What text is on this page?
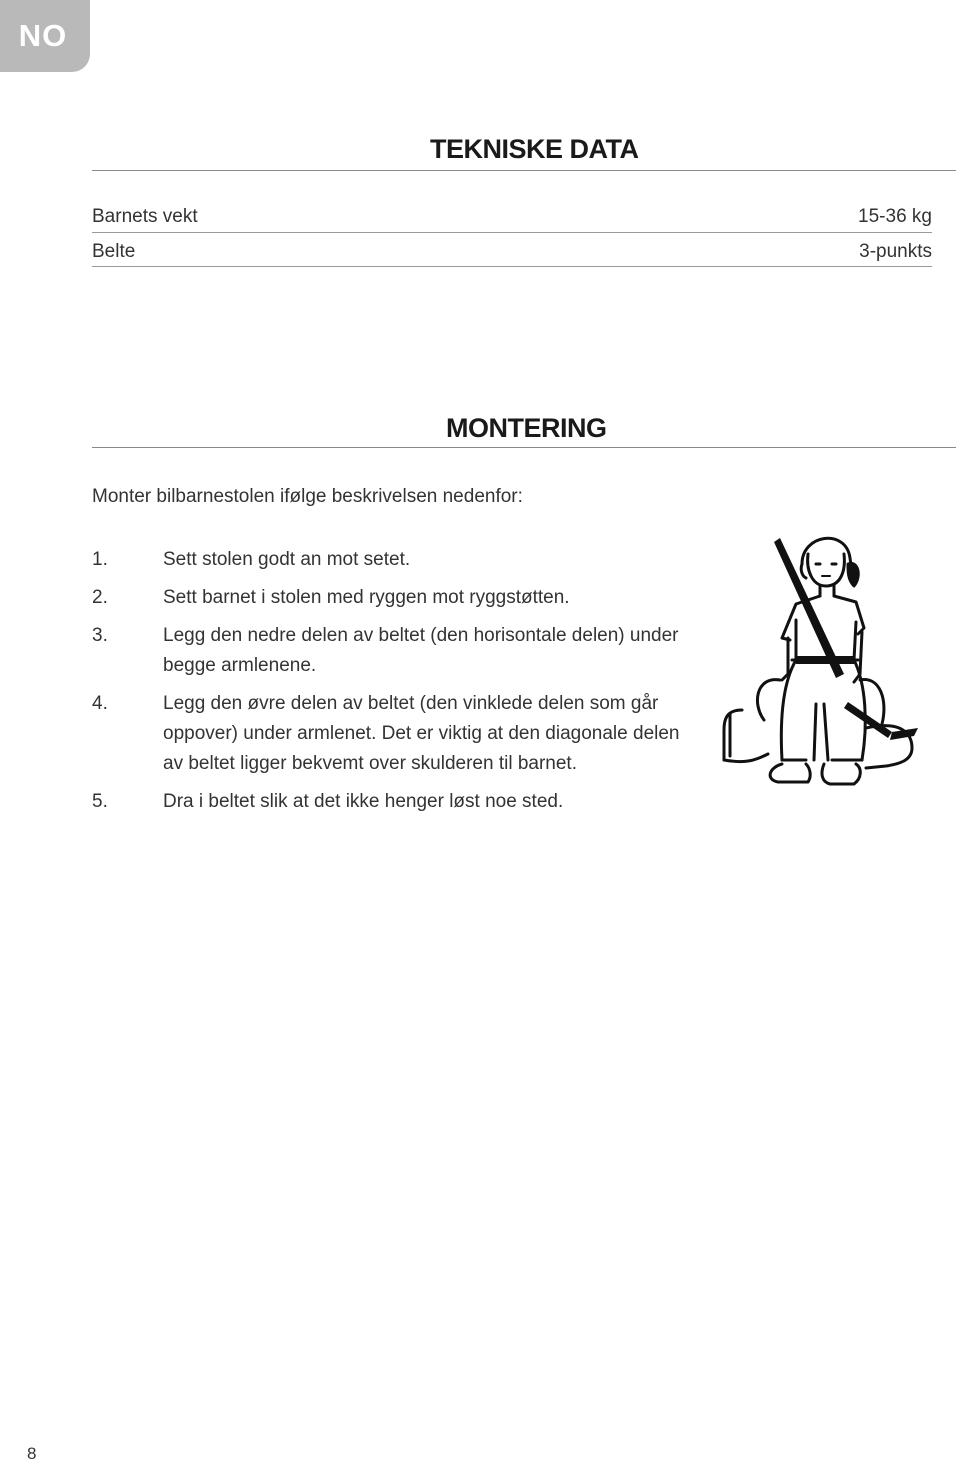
NO
TEKNISKE DATA
Barnets vekt	15-36 kg
Belte	3-punkts
MONTERING
Monter bilbarnestolen ifølge beskrivelsen nedenfor:
1.	Sett stolen godt an mot setet.
2.	Sett barnet i stolen med ryggen mot ryggstøtten.
3.	Legg den nedre delen av beltet (den horisontale delen) under begge armlenene.
4.	Legg den øvre delen av beltet (den vinklede delen som går oppover) under armlenet. Det er viktig at den diagonale delen av beltet ligger bekvemt over skulderen til barnet.
5.	Dra i beltet slik at det ikke henger løst noe sted.
8
